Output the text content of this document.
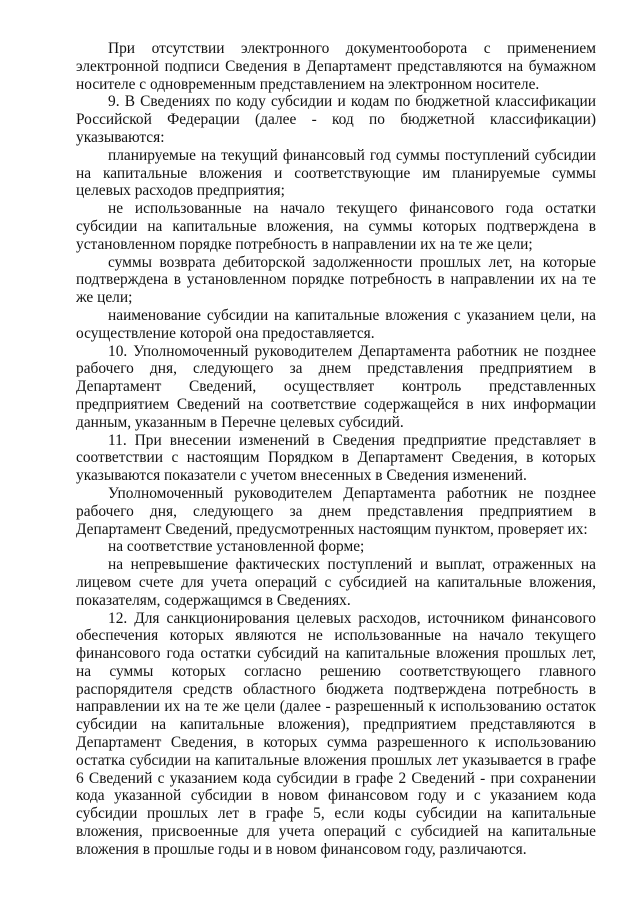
При отсутствии электронного документооборота с применением электронной подписи Сведения в Департамент представляются на бумажном носителе с одновременным представлением на электронном носителе.

9. В Сведениях по коду субсидии и кодам по бюджетной классификации Российской Федерации (далее - код по бюджетной классификации) указываются:

планируемые на текущий финансовый год суммы поступлений субсидии на капитальные вложения и соответствующие им планируемые суммы целевых расходов предприятия;

не использованные на начало текущего финансового года остатки субсидии на капитальные вложения, на суммы которых подтверждена в установленном порядке потребность в направлении их на те же цели;

суммы возврата дебиторской задолженности прошлых лет, на которые подтверждена в установленном порядке потребность в направлении их на те же цели;

наименование субсидии на капитальные вложения с указанием цели, на осуществление которой она предоставляется.

10. Уполномоченный руководителем Департамента работник не позднее рабочего дня, следующего за днем представления предприятием в Департамент Сведений, осуществляет контроль представленных предприятием Сведений на соответствие содержащейся в них информации данным, указанным в Перечне целевых субсидий.

11. При внесении изменений в Сведения предприятие представляет в соответствии с настоящим Порядком в Департамент Сведения, в которых указываются показатели с учетом внесенных в Сведения изменений.

Уполномоченный руководителем Департамента работник не позднее рабочего дня, следующего за днем представления предприятием в Департамент Сведений, предусмотренных настоящим пунктом, проверяет их:

на соответствие установленной форме;

на непревышение фактических поступлений и выплат, отраженных на лицевом счете для учета операций с субсидией на капитальные вложения, показателям, содержащимся в Сведениях.

12. Для санкционирования целевых расходов, источником финансового обеспечения которых являются не использованные на начало текущего финансового года остатки субсидий на капитальные вложения прошлых лет, на суммы которых согласно решению соответствующего главного распорядителя средств областного бюджета подтверждена потребность в направлении их на те же цели (далее - разрешенный к использованию остаток субсидии на капитальные вложения), предприятием представляются в Департамент Сведения, в которых сумма разрешенного к использованию остатка субсидии на капитальные вложения прошлых лет указывается в графе 6 Сведений с указанием кода субсидии в графе 2 Сведений - при сохранении кода указанной субсидии в новом финансовом году и с указанием кода субсидии прошлых лет в графе 5, если коды субсидии на капитальные вложения, присвоенные для учета операций с субсидией на капитальные вложения в прошлые годы и в новом финансовом году, различаются.
